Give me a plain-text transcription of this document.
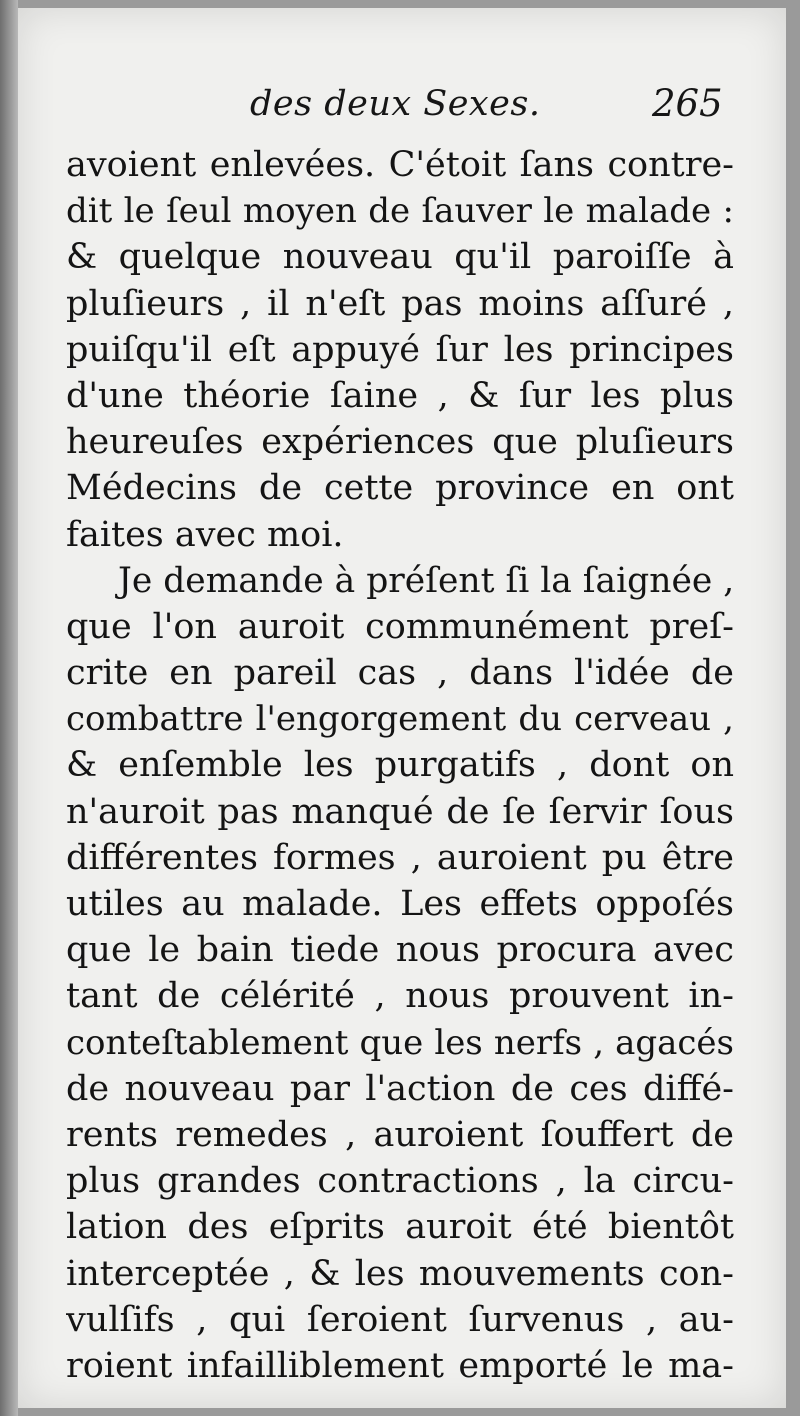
des deux Sexes.	265
avoient enlevées. C'étoit ſans contre-
dit le ſeul moyen de ſauver le malade :
& quelque nouveau qu'il paroiſſe à
pluſieurs , il n'eſt pas moins aſſuré ,
puiſqu'il eſt appuyé ſur les principes
d'une théorie ſaine , & ſur les plus
heureuſes expériences que pluſieurs
Médecins de cette province en ont
faites avec moi.
Je demande à préſent ſi la ſaignée ,
que l'on auroit communément preſ-
crite en pareil cas , dans l'idée de
combattre l'engorgement du cerveau ,
& enſemble les purgatifs , dont on
n'auroit pas manqué de ſe ſervir ſous
différentes formes , auroient pu être
utiles au malade. Les effets oppoſés
que le bain tiede nous procura avec
tant de célérité , nous prouvent in-
conteſtablement que les nerfs , agacés
de nouveau par l'action de ces diffé-
rents remedes , auroient ſouffert de
plus grandes contractions , la circu-
lation des eſprits auroit été bientôt
interceptée , & les mouvements con-
vulſifs , qui ſeroient ſurvenus , au-
roient infailliblement emporté le ma-
